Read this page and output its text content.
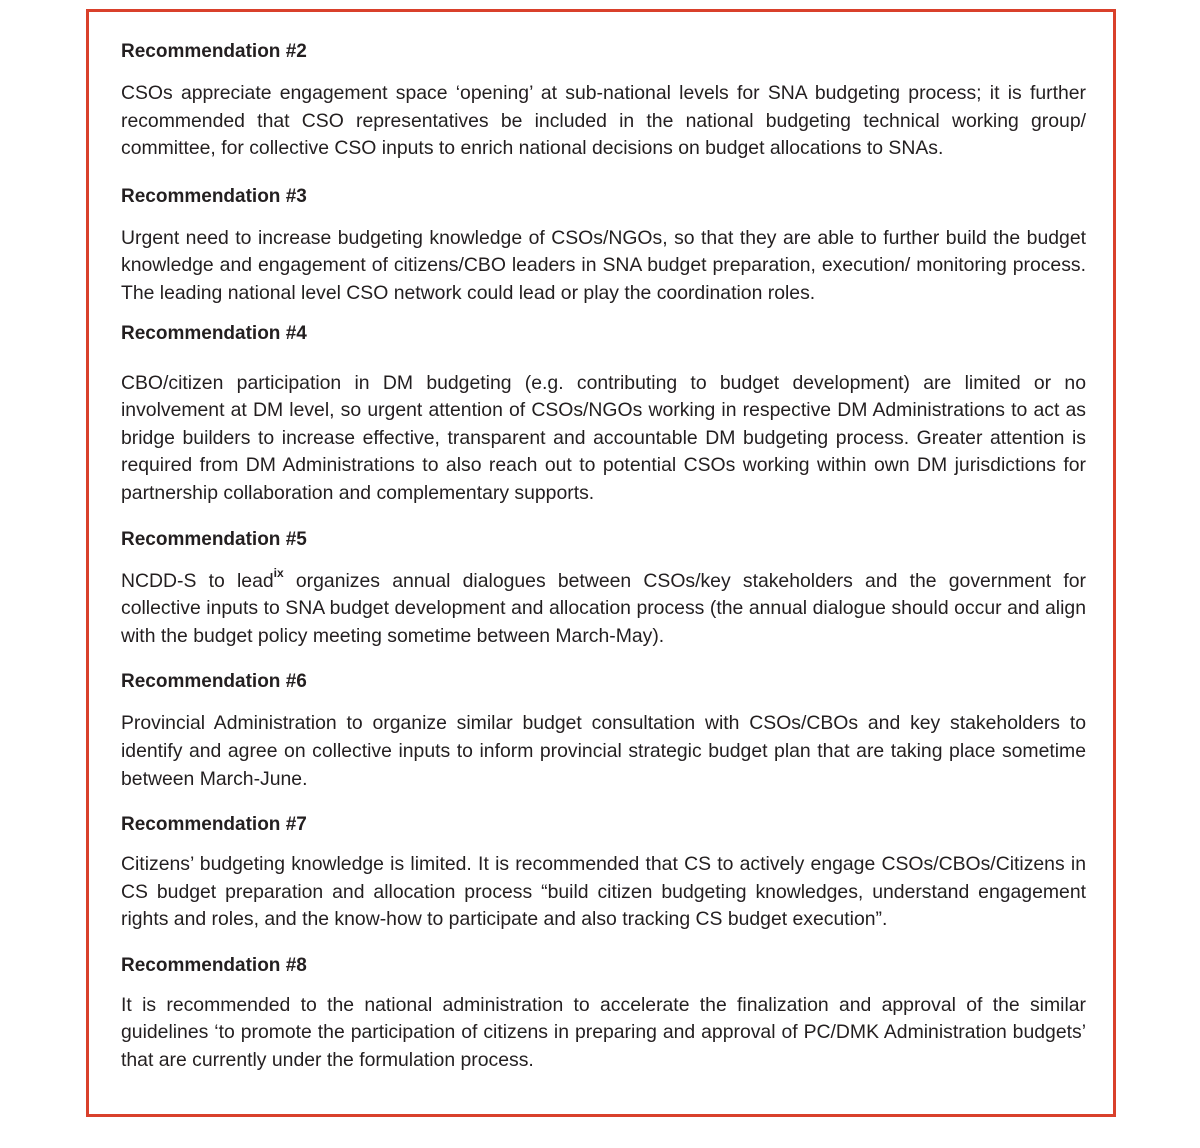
Recommendation #2

CSOs appreciate engagement space ‘opening’ at sub-national levels for SNA budgeting process; it is further recommended that CSO representatives be included in the national budgeting technical working group/ committee, for collective CSO inputs to enrich national decisions on budget allocations to SNAs.

Recommendation #3

Urgent need to increase budgeting knowledge of CSOs/NGOs, so that they are able to further build the budget knowledge and engagement of citizens/CBO leaders in SNA budget preparation, execution/ monitoring process. The leading national level CSO network could lead or play the coordination roles.

Recommendation #4

CBO/citizen participation in DM budgeting (e.g. contributing to budget development) are limited or no involvement at DM level, so urgent attention of CSOs/NGOs working in respective DM Administrations to act as bridge builders to increase effective, transparent and accountable DM budgeting process. Greater attention is required from DM Administrations to also reach out to potential CSOs working within own DM jurisdictions for partnership collaboration and complementary supports.

Recommendation #5

NCDD-S to lead$^{ix}$ organizes annual dialogues between CSOs/key stakeholders and the government for collective inputs to SNA budget development and allocation process (the annual dialogue should occur and align with the budget policy meeting sometime between March-May).

Recommendation #6

Provincial Administration to organize similar budget consultation with CSOs/CBOs and key stakeholders to identify and agree on collective inputs to inform provincial strategic budget plan that are taking place sometime between March-June.

Recommendation #7

Citizens’ budgeting knowledge is limited. It is recommended that CS to actively engage CSOs/CBOs/Citizens in CS budget preparation and allocation process “build citizen budgeting knowledges, understand engagement rights and roles, and the know-how to participate and also tracking CS budget execution”.

Recommendation #8

It is recommended to the national administration to accelerate the finalization and approval of the similar guidelines ‘to promote the participation of citizens in preparing and approval of PC/DMK Administration budgets’ that are currently under the formulation process.
